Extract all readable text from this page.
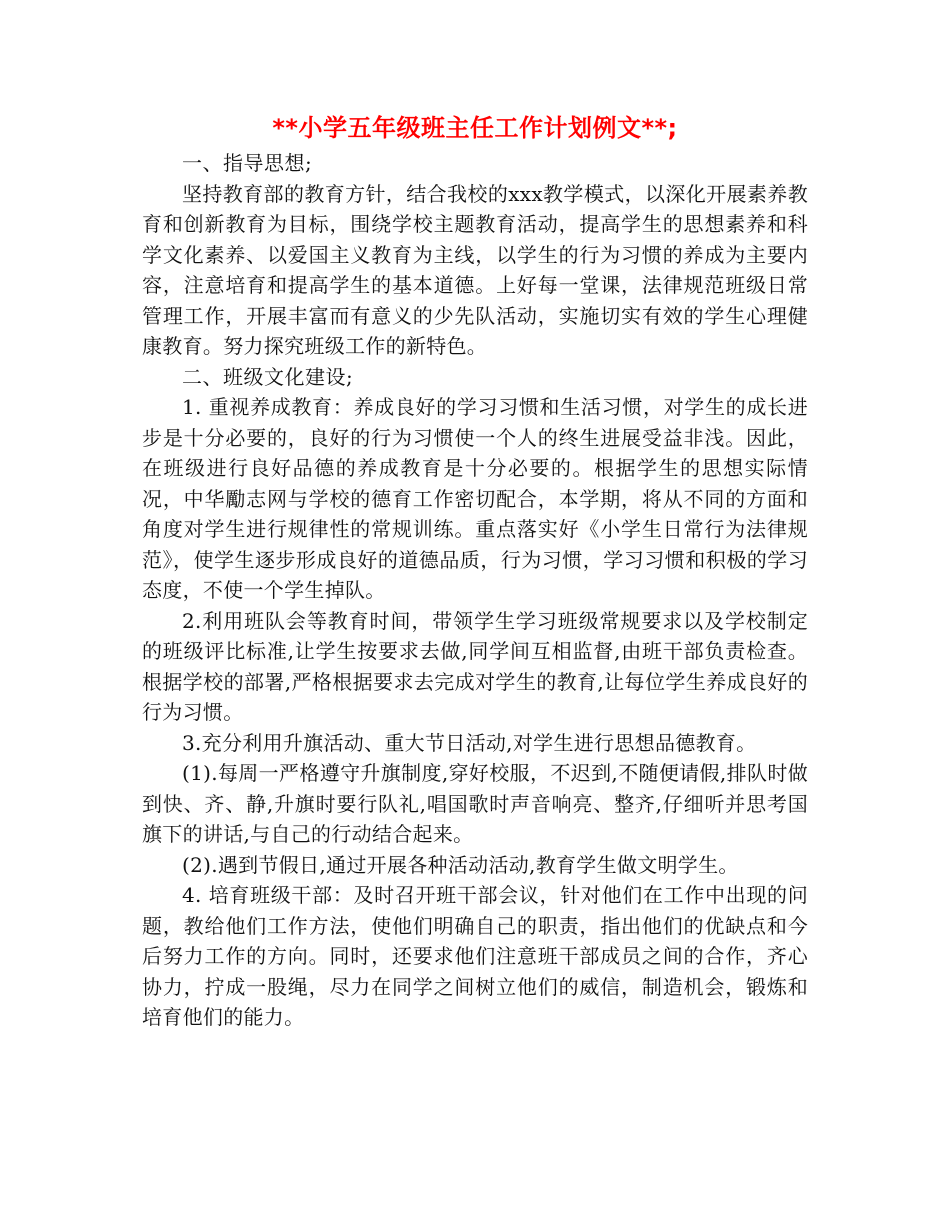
**小学五年级班主任工作计划例文**;

一、指导思想;

坚持教育部的教育方针，结合我校的xxx教学模式，以深化开展素养教育和创新教育为目标，围绕学校主题教育活动，提高学生的思想素养和科学文化素养、以爱国主义教育为主线，以学生的行为习惯的养成为主要内容，注意培育和提高学生的基本道德。上好每一堂课，法律规范班级日常管理工作，开展丰富而有意义的少先队活动，实施切实有效的学生心理健康教育。努力探究班级工作的新特色。

二、班级文化建设;

1. 重视养成教育：养成良好的学习习惯和生活习惯，对学生的成长进步是十分必要的，良好的行为习惯使一个人的终生进展受益非浅。因此，在班级进行良好品德的养成教育是十分必要的。根据学生的思想实际情况，中华勵志网与学校的德育工作密切配合，本学期，将从不同的方面和角度对学生进行规律性的常规训练。重点落实好《小学生日常行为法律规范》，使学生逐步形成良好的道德品质，行为习惯，学习习惯和积极的学习态度，不使一个学生掉队。

2.利用班队会等教育时间，带领学生学习班级常规要求以及学校制定的班级评比标准,让学生按要求去做,同学间互相监督,由班干部负责检查。根据学校的部署,严格根据要求去完成对学生的教育,让每位学生养成良好的行为习惯。

3.充分利用升旗活动、重大节日活动,对学生进行思想品德教育。

(1).每周一严格遵守升旗制度,穿好校服，不迟到,不随便请假,排队时做到快、齐、静,升旗时要行队礼,唱国歌时声音响亮、整齐,仔细听并思考国旗下的讲话,与自己的行动结合起来。

(2).遇到节假日,通过开展各种活动活动,教育学生做文明学生。

4. 培育班级干部：及时召开班干部会议，针对他们在工作中出现的问题，教给他们工作方法，使他们明确自己的职责，指出他们的优缺点和今后努力工作的方向。同时，还要求他们注意班干部成员之间的合作，齐心协力，拧成一股绳，尽力在同学之间树立他们的威信，制造机会，锻炼和培育他们的能力。
